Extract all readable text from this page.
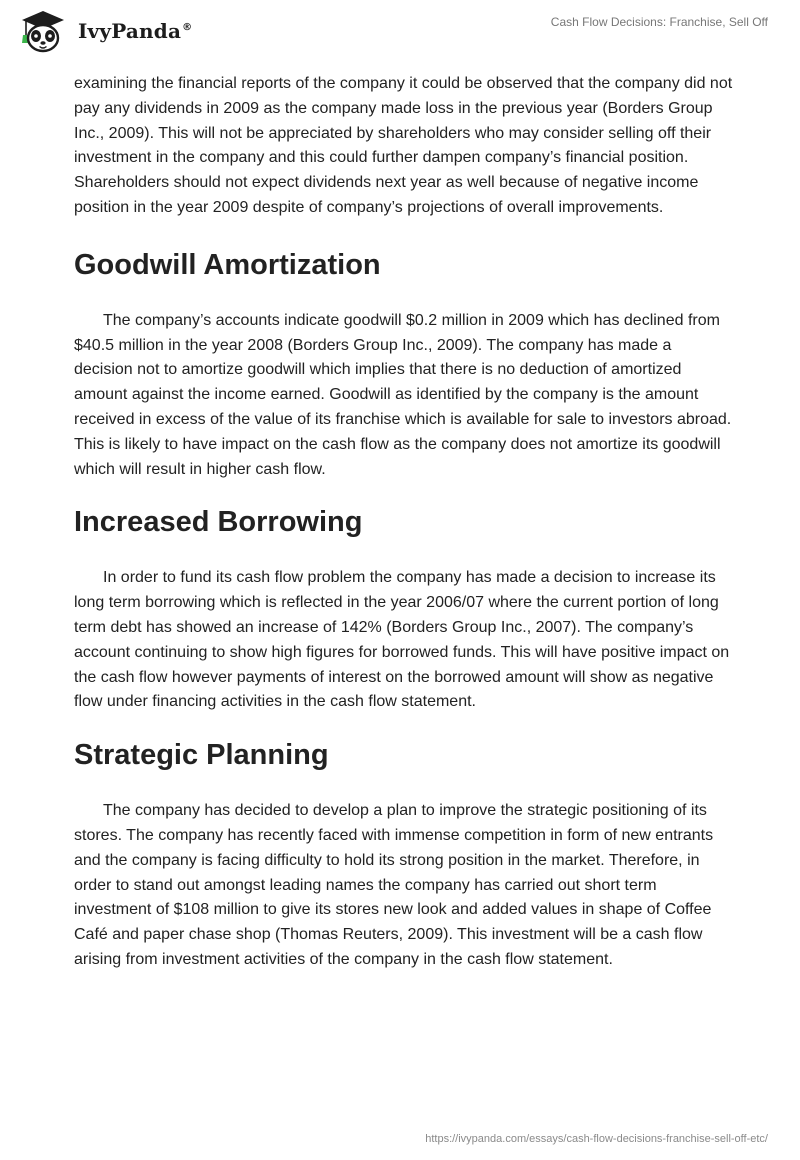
IvyPanda®	Cash Flow Decisions: Franchise, Sell Off

examining the financial reports of the company it could be observed that the company did not pay any dividends in 2009 as the company made loss in the previous year (Borders Group Inc., 2009). This will not be appreciated by shareholders who may consider selling off their investment in the company and this could further dampen company’s financial position. Shareholders should not expect dividends next year as well because of negative income position in the year 2009 despite of company’s projections of overall improvements.

Goodwill Amortization

The company’s accounts indicate goodwill $0.2 million in 2009 which has declined from $40.5 million in the year 2008 (Borders Group Inc., 2009). The company has made a decision not to amortize goodwill which implies that there is no deduction of amortized amount against the income earned. Goodwill as identified by the company is the amount received in excess of the value of its franchise which is available for sale to investors abroad. This is likely to have impact on the cash flow as the company does not amortize its goodwill which will result in higher cash flow.

Increased Borrowing

In order to fund its cash flow problem the company has made a decision to increase its long term borrowing which is reflected in the year 2006/07 where the current portion of long term debt has showed an increase of 142% (Borders Group Inc., 2007). The company’s account continuing to show high figures for borrowed funds. This will have positive impact on the cash flow however payments of interest on the borrowed amount will show as negative flow under financing activities in the cash flow statement.

Strategic Planning

The company has decided to develop a plan to improve the strategic positioning of its stores. The company has recently faced with immense competition in form of new entrants and the company is facing difficulty to hold its strong position in the market. Therefore, in order to stand out amongst leading names the company has carried out short term investment of $108 million to give its stores new look and added values in shape of Coffee Café and paper chase shop (Thomas Reuters, 2009). This investment will be a cash flow arising from investment activities of the company in the cash flow statement.

https://ivypanda.com/essays/cash-flow-decisions-franchise-sell-off-etc/
